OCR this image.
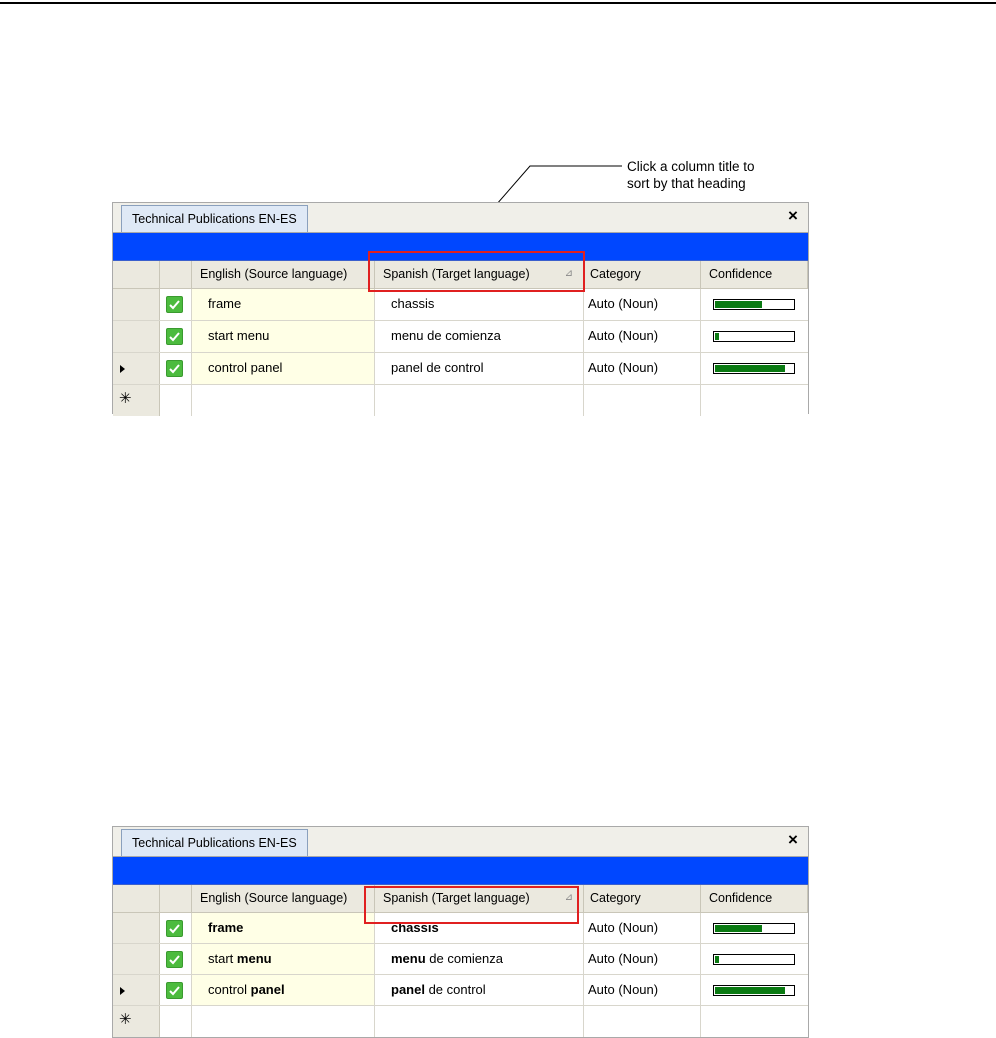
Click a column title to
sort by that heading
Technical Publications EN-ES	×
English (Source language)	Spanish (Target language)	⊿	Category	Confidence
frame	chassis	Auto (Noun)
start menu	menu de comienza	Auto (Noun)
control panel	panel de control	Auto (Noun)
✳
Technical Publications EN-ES	×
English (Source language)	Spanish (Target language)	⊿	Category	Confidence
frame	chassis	Auto (Noun)
start menu	menu de comienza	Auto (Noun)
control panel	panel de control	Auto (Noun)
✳
